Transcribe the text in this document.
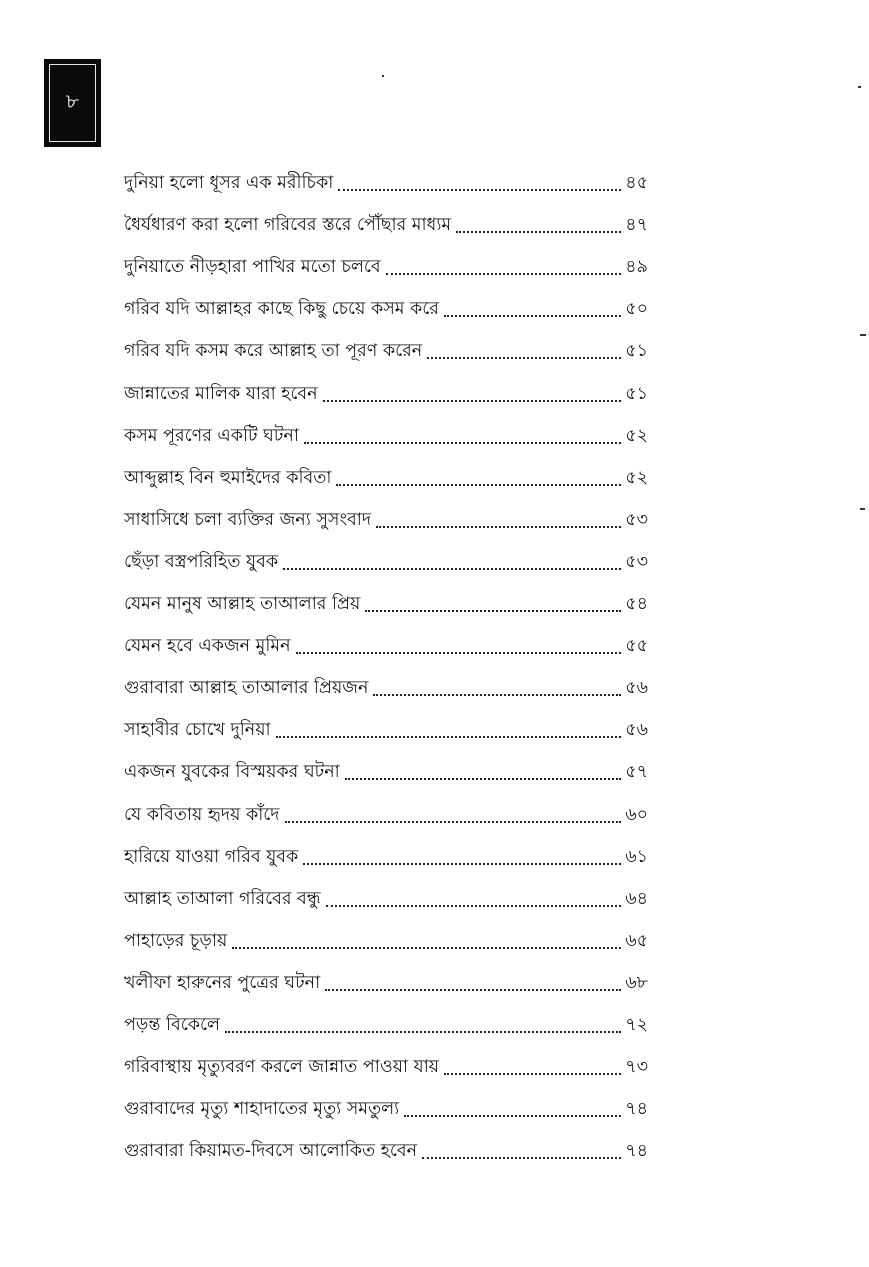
৮
দুনিয়া হলো ধূসর এক মরীচিকা	৪৫
ধৈর্যধারণ করা হলো গরিবের স্তরে পৌঁছার মাধ্যম	৪৭
দুনিয়াতে নীড়হারা পাখির মতো চলবে	৪৯
গরিব যদি আল্লাহর কাছে কিছু চেয়ে কসম করে	৫০
গরিব যদি কসম করে আল্লাহ তা পূরণ করেন	৫১
জান্নাতের মালিক যারা হবেন	৫১
কসম পূরণের একটি ঘটনা	৫২
আব্দুল্লাহ বিন হুমাইদের কবিতা	৫২
সাধাসিধে চলা ব্যক্তির জন্য সুসংবাদ	৫৩
ছেঁড়া বস্ত্রপরিহিত যুবক	৫৩
যেমন মানুষ আল্লাহ তাআলার প্রিয়	৫৪
যেমন হবে একজন মুমিন	৫৫
গুরাবারা আল্লাহ তাআলার প্রিয়জন	৫৬
সাহাবীর চোখে দুনিয়া	৫৬
একজন যুবকের বিস্ময়কর ঘটনা	৫৭
যে কবিতায় হৃদয় কাঁদে	৬০
হারিয়ে যাওয়া গরিব যুবক	৬১
আল্লাহ তাআলা গরিবের বন্ধু	৬৪
পাহাড়ের চূড়ায়	৬৫
খলীফা হারুনের পুত্রের ঘটনা	৬৮
পড়ন্ত বিকেলে	৭২
গরিবাস্থায় মৃত্যুবরণ করলে জান্নাত পাওয়া যায়	৭৩
গুরাবাদের মৃত্যু শাহাদাতের মৃত্যু সমতুল্য	৭৪
গুরাবারা কিয়ামত-দিবসে আলোকিত হবেন	৭৪
